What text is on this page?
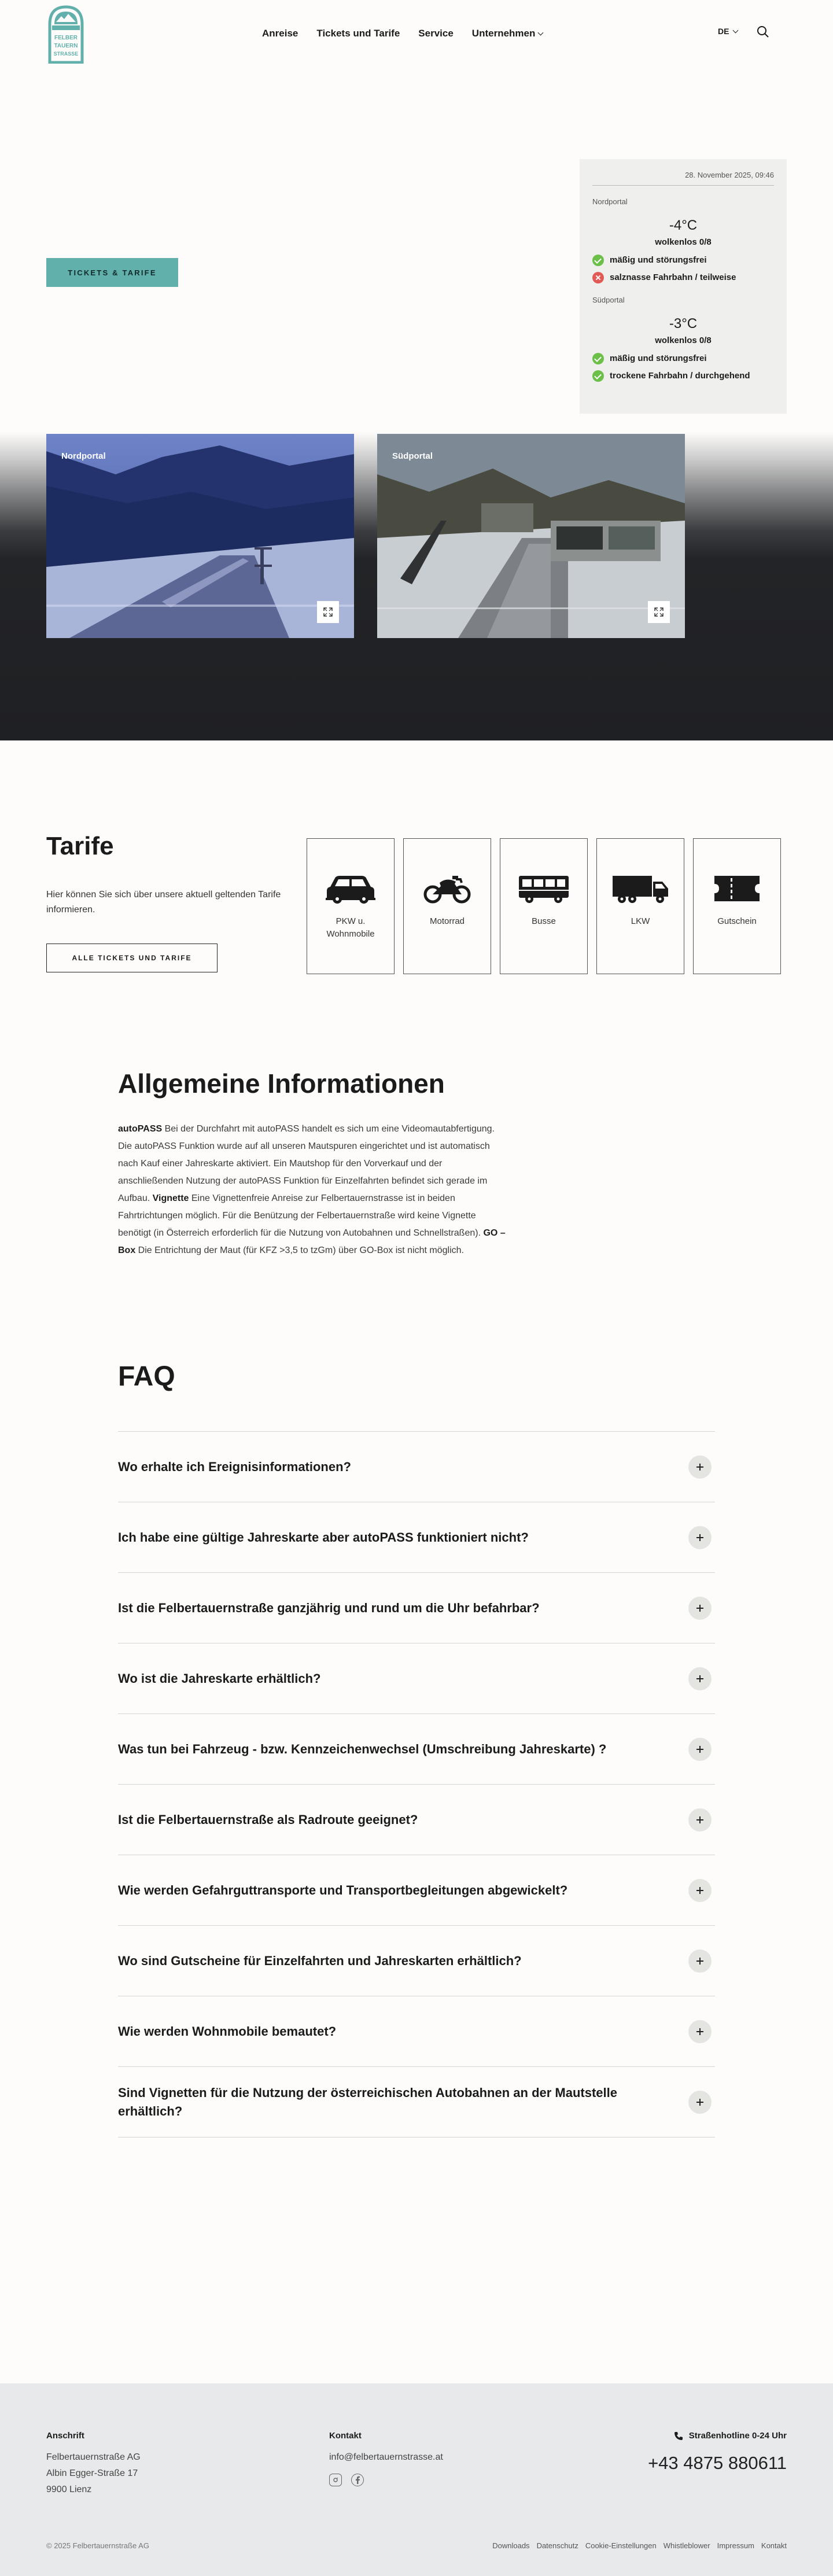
FELBER
TAUERN
STRASSE
Anreise Tickets und Tarife Service Unternehmen	DE
TICKETS & TARIFE
28. November 2025, 09:46
Nordportal
-4°C
wolkenlos 0/8
mäßig und störungsfrei
salznasse Fahrbahn / teilweise
Südportal
-3°C
wolkenlos 0/8
mäßig und störungsfrei
trockene Fahrbahn / durchgehend
Nordportal	Südportal
Tarife

Hier können Sie sich über unsere aktuell geltenden Tarife informieren.

ALLE TICKETS UND TARIFE
PKW u. Wohnmobile
Motorrad	Busse	LKW	Gutschein
Allgemeine Informationen

autoPASS Bei der Durchfahrt mit autoPASS handelt es sich um eine Videomautabfertigung. Die autoPASS Funktion wurde auf all unseren Mautspuren eingerichtet und ist automatisch nach Kauf einer Jahreskarte aktiviert. Ein Mautshop für den Vorverkauf und der anschließenden Nutzung der autoPASS Funktion für Einzelfahrten befindet sich gerade im Aufbau. Vignette Eine Vignettenfreie Anreise zur Felbertauernstrasse ist in beiden Fahrtrichtungen möglich. Für die Benützung der Felbertauernstraße wird keine Vignette benötigt (in Österreich erforderlich für die Nutzung von Autobahnen und Schnellstraßen). GO – Box Die Entrichtung der Maut (für KFZ >3,5 to tzGm) über GO-Box ist nicht möglich.

FAQ
Wo erhalte ich Ereignisinformationen?
Ich habe eine gültige Jahreskarte aber autoPASS funktioniert nicht?
Ist die Felbertauernstraße ganzjährig und rund um die Uhr befahrbar?
Wo ist die Jahreskarte erhältlich?
Was tun bei Fahrzeug - bzw. Kennzeichenwechsel (Umschreibung Jahreskarte) ?
Ist die Felbertauernstraße als Radroute geeignet?
Wie werden Gefahrguttransporte und Transportbegleitungen abgewickelt?
Wo sind Gutscheine für Einzelfahrten und Jahreskarten erhältlich?
Wie werden Wohnmobile bemautet?
Sind Vignetten für die Nutzung der österreichischen Autobahnen an der Mautstelle erhältlich?
Anschrift
Felbertauernstraße AG
Albin Egger-Straße 17
9900 Lienz
Kontakt
info@felbertauernstrasse.at
Straßenhotline 0-24 Uhr
+43 4875 880611
© 2025 Felbertauernstraße AG	Downloads Datenschutz Cookie-Einstellungen Whistleblower Impressum Kontakt
